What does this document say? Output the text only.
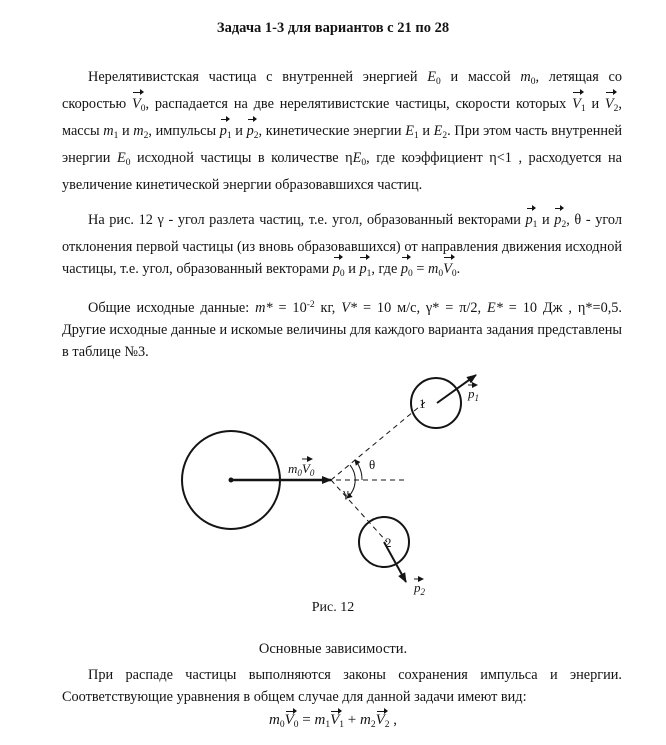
Задача 1-3 для вариантов с 21 по 28

Нерелятивистская частица с внутренней энергией $E_0$ и массой $m_0$, летящая со скоростью $V_0$, распадается на две нерелятивистские частицы, скорости которых $V_1$ и $V_2$, массы $m_1$ и $m_2$, импульсы $p_1$ и $p_2$, кинетические энергии $E_1$ и $E_2$. При этом часть внутренней энергии $E_0$ исходной частицы в количестве $\eta E_0$, где коэффициент η<1 , расходуется на увеличение кинетической энергии образовавшихся частиц.

На рис. 12 γ - угол разлета частиц, т.е. угол, образованный векторами $p_1$ и $p_2$, θ - угол отклонения первой частицы (из вновь образовавшихся) от направления движения исходной частицы, т.е. угол, образованный векторами $p_0$ и $p_1$, где $p_0 = m_0V_0$.

Общие исходные данные: $m* = 10^{-2}$ кг, V* = 10 м/с, γ* = π/2, E* = 10 Дж , η*=0,5. Другие исходные данные и искомые величины для каждого варианта задания представлены в таблице №3.

$m_0V_0$
θ
γ
1
2
$p_1$
$p_2$
Рис. 12
Основные зависимости.

При распаде частицы выполняются законы сохранения импульса и энергии. Соответствующие уравнения в общем случае для данной задачи имеют вид:

$m_0V_0 = m_1V_1 + m_2V_2$ ,
